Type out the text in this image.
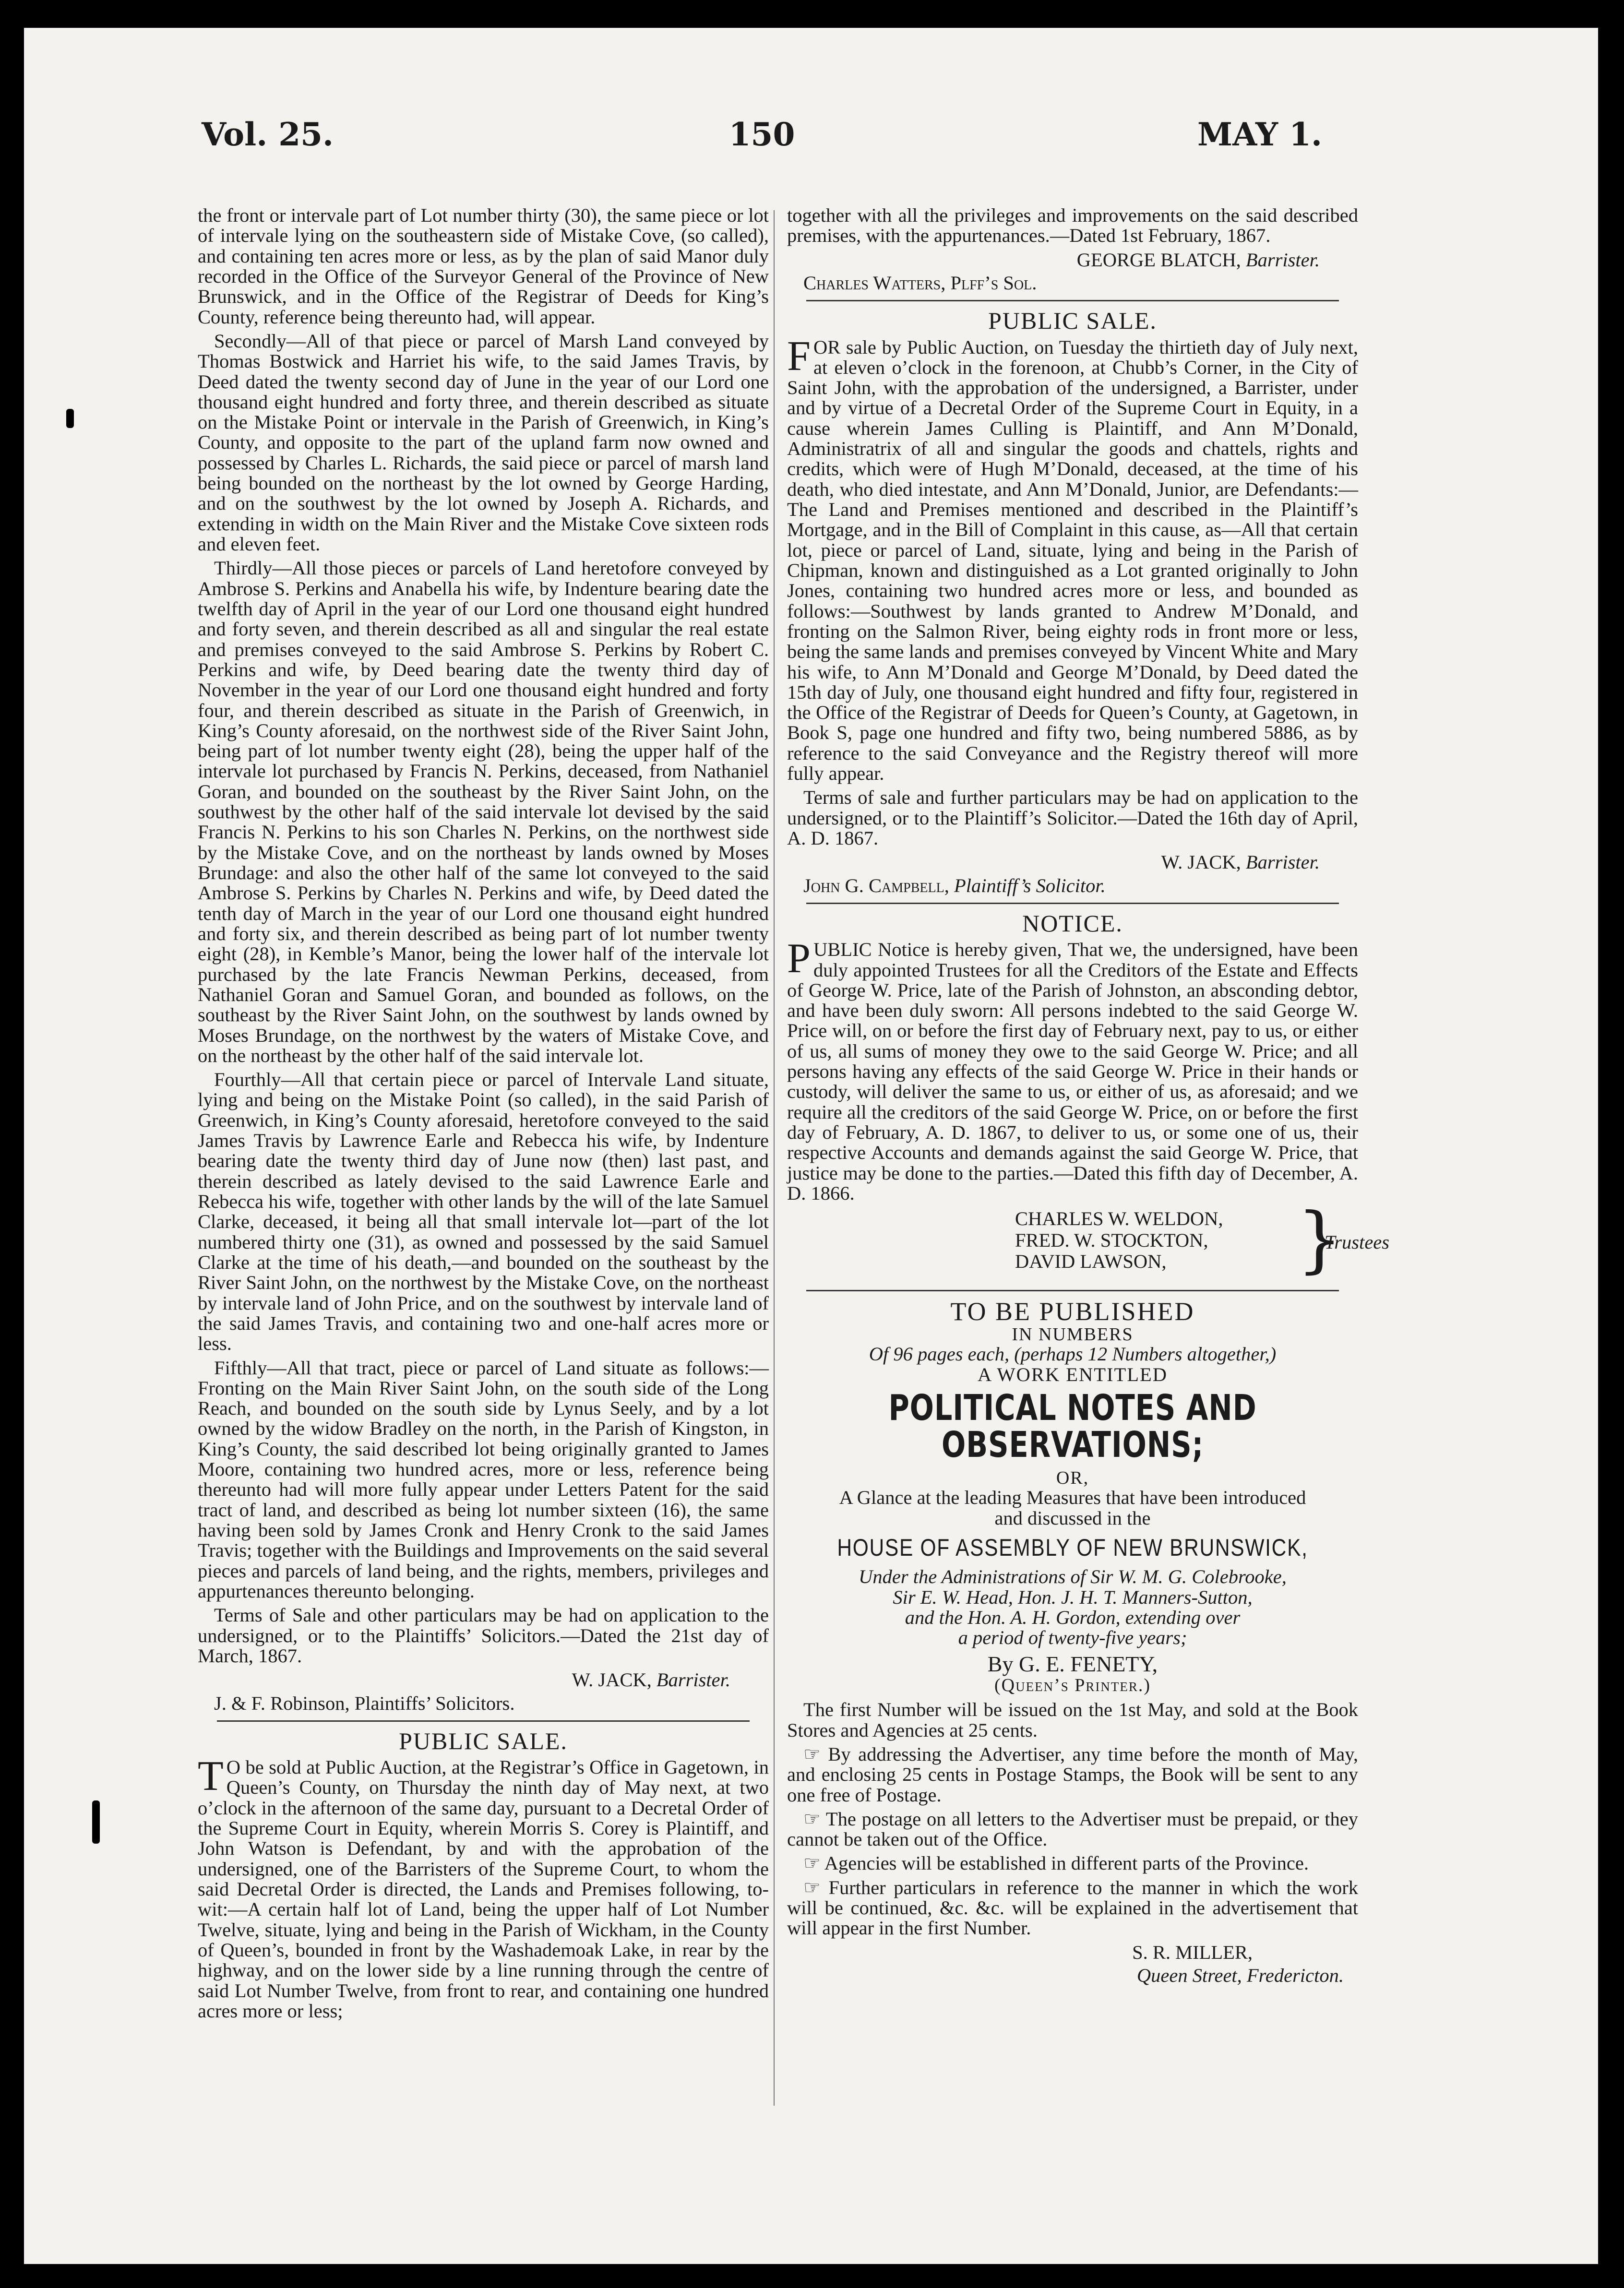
Vol. 25.	150	MAY 1.

the front or intervale part of Lot number thirty (30), the same piece or lot of intervale lying on the southeastern side of Mistake Cove, (so called), and containing ten acres more or less, as by the plan of said Manor duly recorded in the Office of the Surveyor General of the Province of New Brunswick, and in the Office of the Registrar of Deeds for King’s County, reference being thereunto had, will appear.

Secondly—All of that piece or parcel of Marsh Land conveyed by Thomas Bostwick and Harriet his wife, to the said James Travis, by Deed dated the twenty second day of June in the year of our Lord one thousand eight hundred and forty three, and therein described as situate on the Mistake Point or intervale in the Parish of Greenwich, in King’s County, and opposite to the part of the upland farm now owned and possessed by Charles L. Richards, the said piece or parcel of marsh land being bounded on the northeast by the lot owned by George Harding, and on the southwest by the lot owned by Joseph A. Richards, and extending in width on the Main River and the Mistake Cove sixteen rods and eleven feet.

Thirdly—All those pieces or parcels of Land heretofore conveyed by Ambrose S. Perkins and Anabella his wife, by Indenture bearing date the twelfth day of April in the year of our Lord one thousand eight hundred and forty seven, and therein described as all and singular the real estate and premises conveyed to the said Ambrose S. Perkins by Robert C. Perkins and wife, by Deed bearing date the twenty third day of November in the year of our Lord one thousand eight hundred and forty four, and therein described as situate in the Parish of Greenwich, in King’s County aforesaid, on the northwest side of the River Saint John, being part of lot number twenty eight (28), being the upper half of the intervale lot purchased by Francis N. Perkins, deceased, from Nathaniel Goran, and bounded on the southeast by the River Saint John, on the southwest by the other half of the said intervale lot devised by the said Francis N. Perkins to his son Charles N. Perkins, on the northwest side by the Mistake Cove, and on the northeast by lands owned by Moses Brundage: and also the other half of the same lot conveyed to the said Ambrose S. Perkins by Charles N. Perkins and wife, by Deed dated the tenth day of March in the year of our Lord one thousand eight hundred and forty six, and therein described as being part of lot number twenty eight (28), in Kemble’s Manor, being the lower half of the intervale lot purchased by the late Francis Newman Perkins, deceased, from Nathaniel Goran and Samuel Goran, and bounded as follows, on the southeast by the River Saint John, on the southwest by lands owned by Moses Brundage, on the northwest by the waters of Mistake Cove, and on the northeast by the other half of the said intervale lot.

Fourthly—All that certain piece or parcel of Intervale Land situate, lying and being on the Mistake Point (so called), in the said Parish of Greenwich, in King’s County aforesaid, heretofore conveyed to the said James Travis by Lawrence Earle and Rebecca his wife, by Indenture bearing date the twenty third day of June now (then) last past, and therein described as lately devised to the said Lawrence Earle and Rebecca his wife, together with other lands by the will of the late Samuel Clarke, deceased, it being all that small intervale lot—part of the lot numbered thirty one (31), as owned and possessed by the said Samuel Clarke at the time of his death,—and bounded on the southeast by the River Saint John, on the northwest by the Mistake Cove, on the northeast by intervale land of John Price, and on the southwest by intervale land of the said James Travis, and containing two and one-half acres more or less.

Fifthly—All that tract, piece or parcel of Land situate as follows:—Fronting on the Main River Saint John, on the south side of the Long Reach, and bounded on the south side by Lynus Seely, and by a lot owned by the widow Bradley on the north, in the Parish of Kingston, in King’s County, the said described lot being originally granted to James Moore, containing two hundred acres, more or less, reference being thereunto had will more fully appear under Letters Patent for the said tract of land, and described as being lot number sixteen (16), the same having been sold by James Cronk and Henry Cronk to the said James Travis; together with the Buildings and Improvements on the said several pieces and parcels of land being, and the rights, members, privileges and appurtenances thereunto belonging.

Terms of Sale and other particulars may be had on application to the undersigned, or to the Plaintiffs’ Solicitors.—Dated the 21st day of March, 1867.

W. JACK, Barrister.
J. & F. Robinson, Plaintiffs’ Solicitors.
PUBLIC SALE.

TO be sold at Public Auction, at the Registrar’s Office in Gagetown, in Queen’s County, on Thursday the ninth day of May next, at two o’clock in the afternoon of the same day, pursuant to a Decretal Order of the Supreme Court in Equity, wherein Morris S. Corey is Plaintiff, and John Watson is Defendant, by and with the approbation of the undersigned, one of the Barristers of the Supreme Court, to whom the said Decretal Order is directed, the Lands and Premises following, to-wit:—A certain half lot of Land, being the upper half of Lot Number Twelve, situate, lying and being in the Parish of Wickham, in the County of Queen’s, bounded in front by the Washademoak Lake, in rear by the highway, and on the lower side by a line running through the centre of said Lot Number Twelve, from front to rear, and containing one hundred acres more or less;

together with all the privileges and improvements on the said described premises, with the appurtenances.—Dated 1st February, 1867.

GEORGE BLATCH, Barrister.
Charles Watters, Plff’s Sol.
PUBLIC SALE.

FOR sale by Public Auction, on Tuesday the thirtieth day of July next, at eleven o’clock in the forenoon, at Chubb’s Corner, in the City of Saint John, with the approbation of the undersigned, a Barrister, under and by virtue of a Decretal Order of the Supreme Court in Equity, in a cause wherein James Culling is Plaintiff, and Ann M’Donald, Administratrix of all and singular the goods and chattels, rights and credits, which were of Hugh M’Donald, deceased, at the time of his death, who died intestate, and Ann M’Donald, Junior, are Defendants:—The Land and Premises mentioned and described in the Plaintiff’s Mortgage, and in the Bill of Complaint in this cause, as—All that certain lot, piece or parcel of Land, situate, lying and being in the Parish of Chipman, known and distinguished as a Lot granted originally to John Jones, containing two hundred acres more or less, and bounded as follows:—Southwest by lands granted to Andrew M’Donald, and fronting on the Salmon River, being eighty rods in front more or less, being the same lands and premises conveyed by Vincent White and Mary his wife, to Ann M’Donald and George M’Donald, by Deed dated the 15th day of July, one thousand eight hundred and fifty four, registered in the Office of the Registrar of Deeds for Queen’s County, at Gagetown, in Book S, page one hundred and fifty two, being numbered 5886, as by reference to the said Conveyance and the Registry thereof will more fully appear.

Terms of sale and further particulars may be had on application to the undersigned, or to the Plaintiff’s Solicitor.—Dated the 16th day of April, A. D. 1867.

W. JACK, Barrister.
John G. Campbell, Plaintiff’s Solicitor.
NOTICE.

PUBLIC Notice is hereby given, That we, the undersigned, have been duly appointed Trustees for all the Creditors of the Estate and Effects of George W. Price, late of the Parish of Johnston, an absconding debtor, and have been duly sworn: All persons indebted to the said George W. Price will, on or before the first day of February next, pay to us, or either of us, all sums of money they owe to the said George W. Price; and all persons having any effects of the said George W. Price in their hands or custody, will deliver the same to us, or either of us, as aforesaid; and we require all the creditors of the said George W. Price, on or before the first day of February, A. D. 1867, to deliver to us, or some one of us, their respective Accounts and demands against the said George W. Price, that justice may be done to the parties.—Dated this fifth day of December, A. D. 1866.

CHARLES W. WELDON,
FRED. W. STOCKTON,
DAVID LAWSON,	}
Trustees
TO BE PUBLISHED
IN NUMBERS
Of 96 pages each, (perhaps 12 Numbers altogether,)
A WORK ENTITLED
POLITICAL NOTES AND OBSERVATIONS;
OR,
A Glance at the leading Measures that have been introduced
and discussed in the
HOUSE OF ASSEMBLY OF NEW BRUNSWICK,
Under the Administrations of Sir W. M. G. Colebrooke,
Sir E. W. Head, Hon. J. H. T. Manners-Sutton,
and the Hon. A. H. Gordon, extending over
a period of twenty-five years;
By G. E. FENETY,
(Queen’s Printer.)

The first Number will be issued on the 1st May, and sold at the Book Stores and Agencies at 25 cents.

☞ By addressing the Advertiser, any time before the month of May, and enclosing 25 cents in Postage Stamps, the Book will be sent to any one free of Postage.

☞ The postage on all letters to the Advertiser must be prepaid, or they cannot be taken out of the Office.

☞ Agencies will be established in different parts of the Province.

☞ Further particulars in reference to the manner in which the work will be continued, &c. &c. will be explained in the advertisement that will appear in the first Number.

S. R. MILLER,
Queen Street, Fredericton.
